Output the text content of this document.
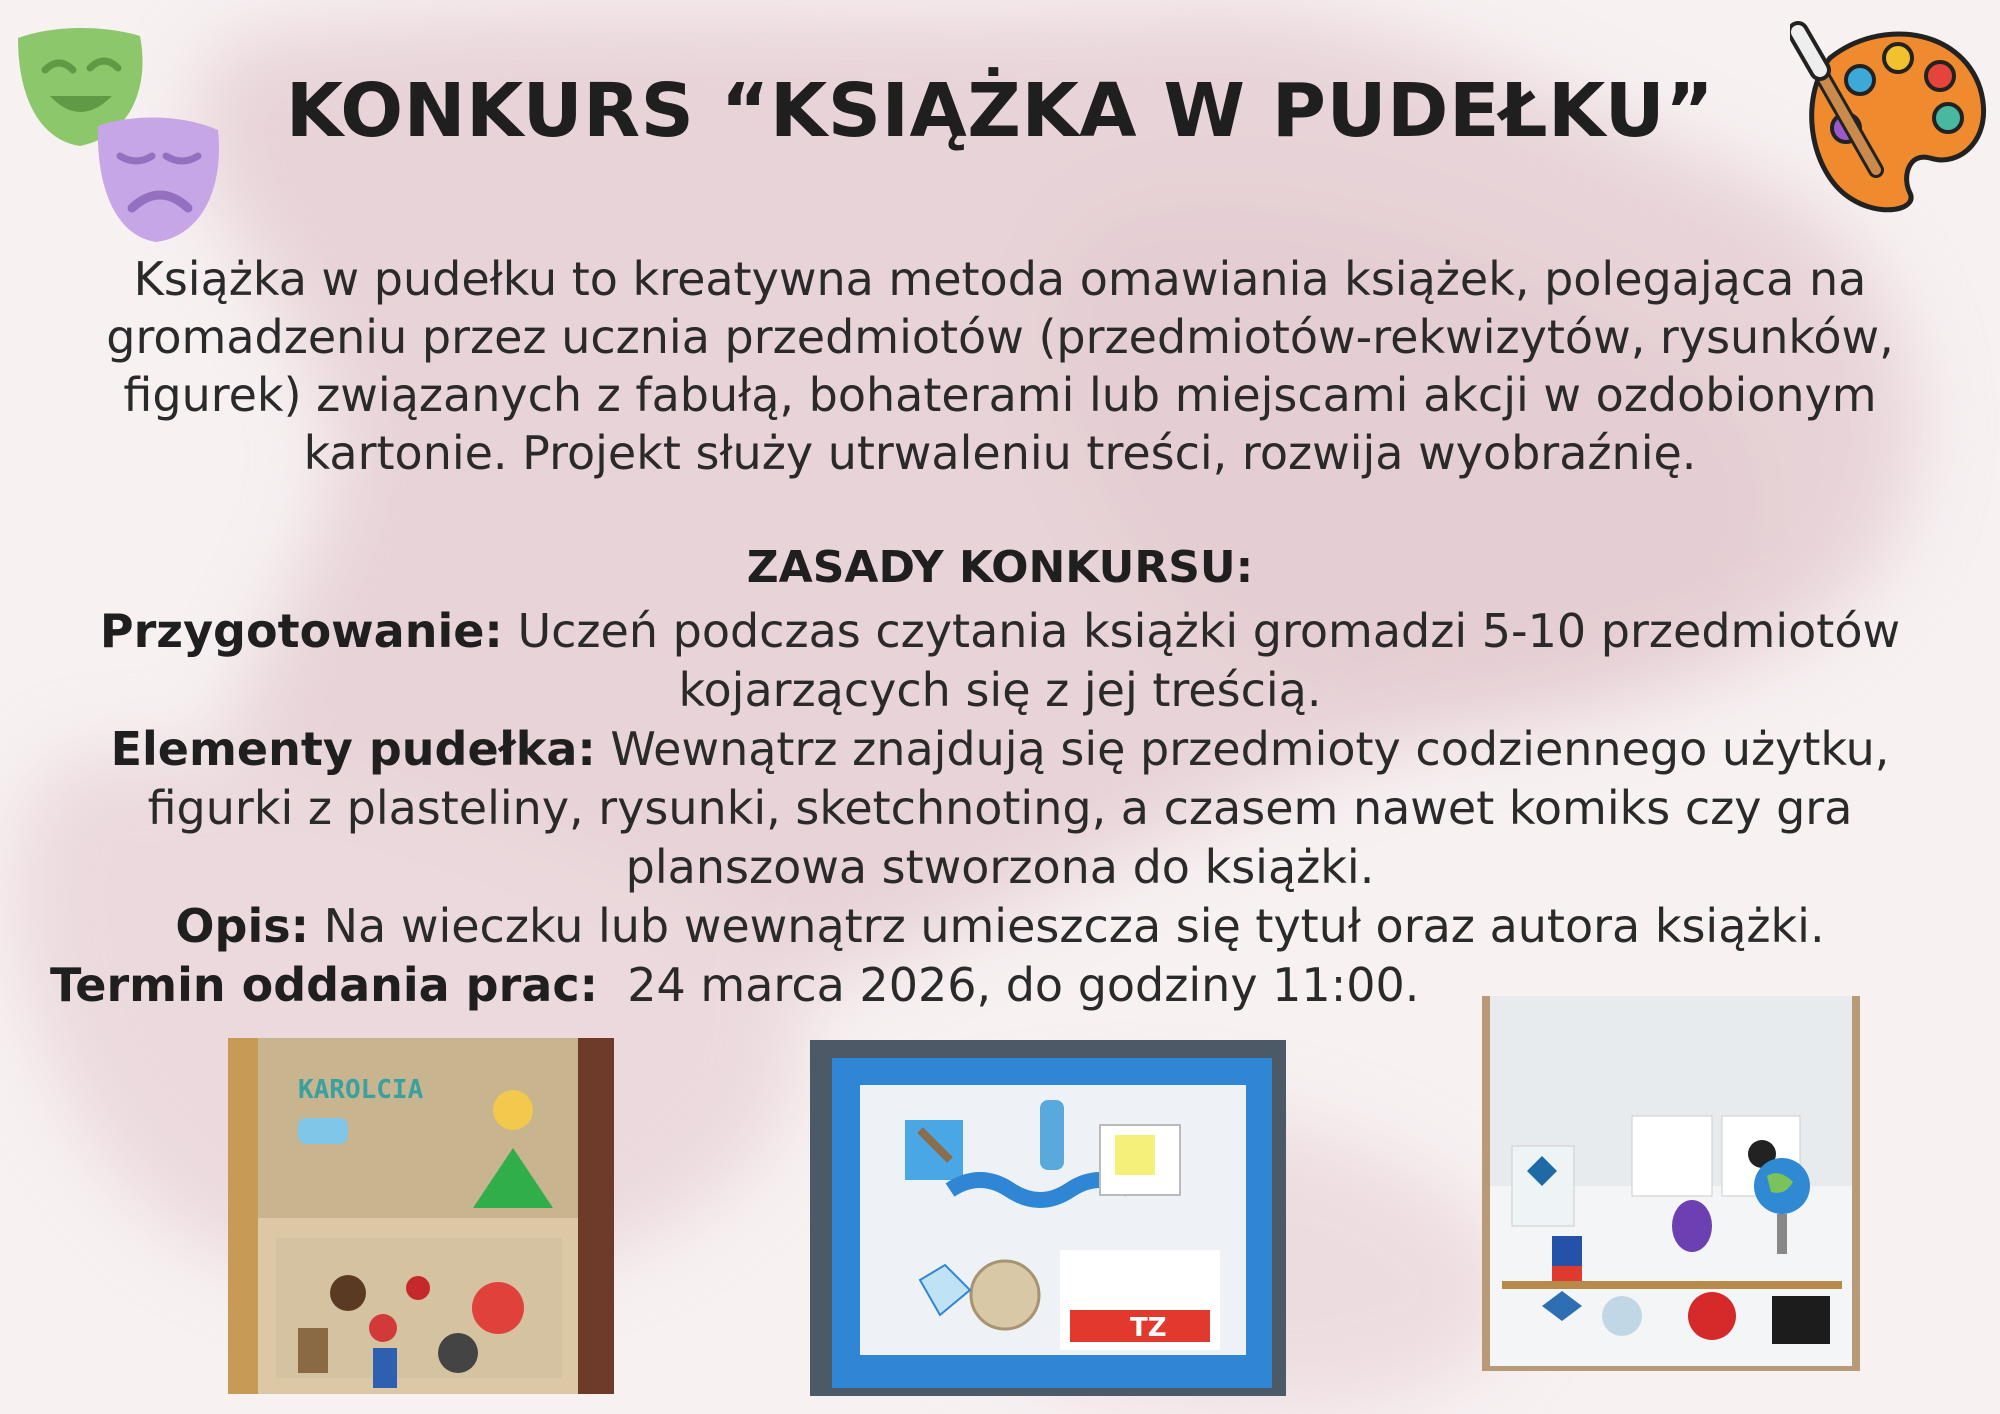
KONKURS “KSIĄŻKA W PUDEŁKU”

Książka w pudełku to kreatywna metoda omawiania książek, polegająca na gromadzeniu przez ucznia przedmiotów (przedmiotów-rekwizytów, rysunków, figurek) związanych z fabułą, bohaterami lub miejscami akcji w ozdobionym kartonie. Projekt służy utrwaleniu treści, rozwija wyobraźnię.

ZASADY KONKURSU:

Przygotowanie: Uczeń podczas czytania książki gromadzi 5-10 przedmiotów kojarzących się z jej treścią.

Elementy pudełka: Wewnątrz znajdują się przedmioty codziennego użytku, figurki z plasteliny, rysunki, sketchnoting, a czasem nawet komiks czy gra planszowa stworzona do książki.

Opis: Na wieczku lub wewnątrz umieszcza się tytuł oraz autora książki.

Termin oddania prac: 24 marca 2026, do godziny 11:00.

KAROLCIA
TZ
